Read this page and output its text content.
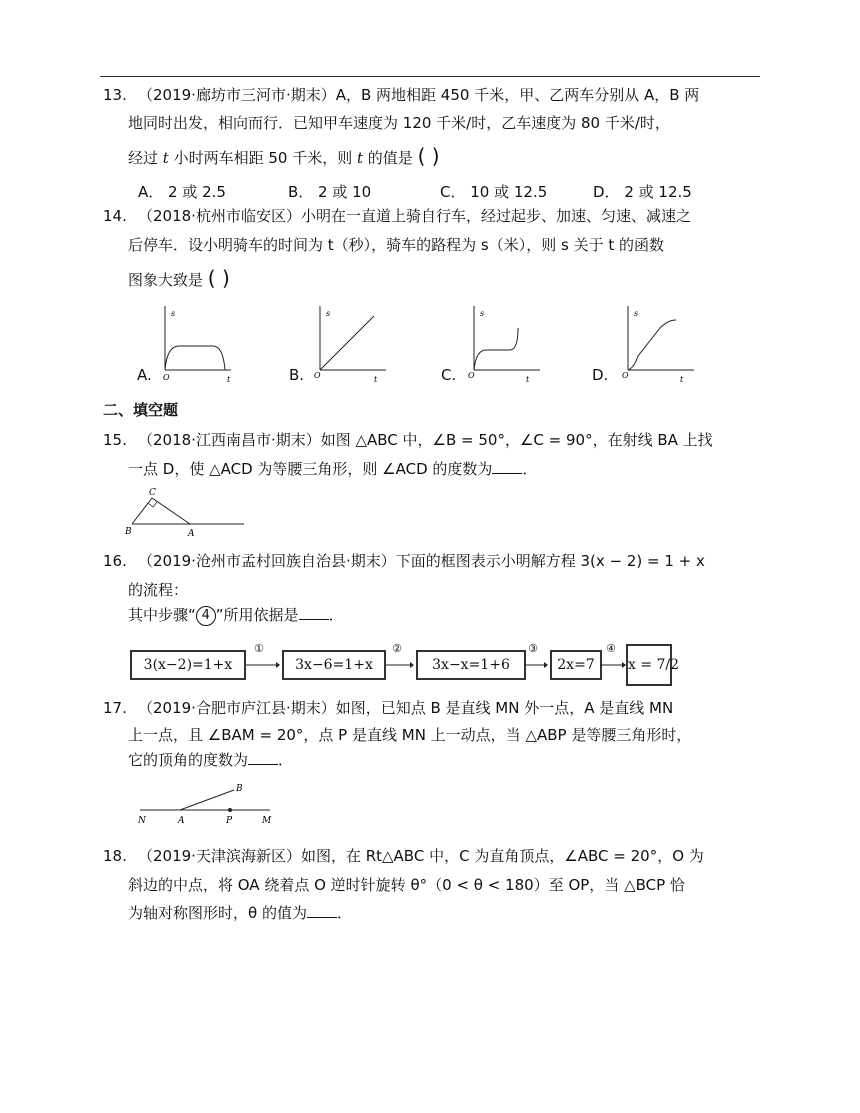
13. （2019·廊坊市三河市·期末）A，B 两地相距 450 千米，甲、乙两车分别从 A，B 两
地同时出发，相向而行．已知甲车速度为 120 千米/时，乙车速度为 80 千米/时，
经过 t 小时两车相距 50 千米，则 t 的值是 ( )
A． 2 或 2.5	B． 2 或 10	C． 10 或 12.5	D． 2 或 12.5
14. （2018·杭州市临安区）小明在一直道上骑自行车，经过起步、加速、匀速、减速之
后停车．设小明骑车的时间为 t（秒），骑车的路程为 s（米），则 s 关于 t 的函数
图象大致是 ( )
A.	B.	C.	D.
s
O	t
s
O	t
s
O	t
s
O	t
二、填空题
15. （2018·江西南昌市·期末）如图 △ABC 中，∠B = 50°，∠C = 90°，在射线 BA 上找
一点 D，使 △ACD 为等腰三角形，则 ∠ACD 的度数为 ．
C
B	A
16. （2019·沧州市孟村回族自治县·期末）下面的框图表示小明解方程 3(x − 2) = 1 + x
的流程：
其中步骤“ 4 ”所用依据是 ．
3(x−2)=1+x
①
3x−6=1+x
②
3x−x=1+6
③
2x=7
④
x = 7/2
17. （2019·合肥市庐江县·期末）如图，已知点 B 是直线 MN 外一点，A 是直线 MN
上一点，且 ∠BAM = 20°，点 P 是直线 MN 上一动点，当 △ABP 是等腰三角形时，
它的顶角的度数为 ．
B
N	A	P	M
18. （2019·天津滨海新区）如图，在 Rt△ABC 中，C 为直角顶点，∠ABC = 20°，O 为
斜边的中点，将 OA 绕着点 O 逆时针旋转 θ°（0 < θ < 180）至 OP，当 △BCP 恰
为轴对称图形时，θ 的值为 ．
